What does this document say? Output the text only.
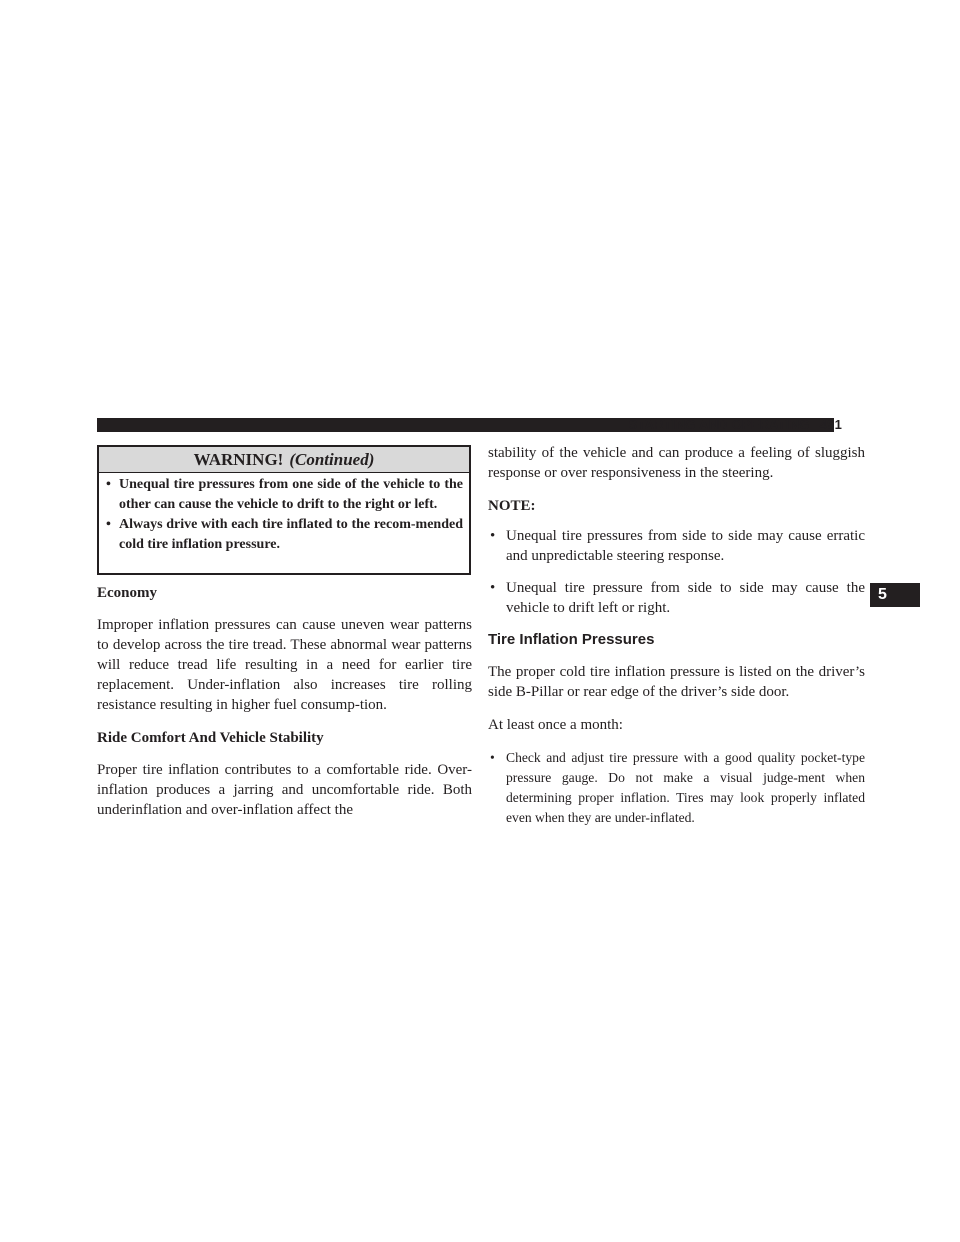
STARTING AND OPERATING 491
5
WARNING! (Continued)
• Unequal tire pressures from one side of the vehicle to the other can cause the vehicle to drift to the right or left.
• Always drive with each tire inflated to the recom-mended cold tire inflation pressure.
Economy

Improper inflation pressures can cause uneven wear patterns to develop across the tire tread. These abnormal wear patterns will reduce tread life resulting in a need for earlier tire replacement. Under-inflation also increases tire rolling resistance resulting in higher fuel consump-tion.

Ride Comfort And Vehicle Stability

Proper tire inflation contributes to a comfortable ride. Over-inflation produces a jarring and uncomfortable ride. Both underinflation and over-inflation affect the

stability of the vehicle and can produce a feeling of sluggish response or over responsiveness in the steering.

NOTE:
• Unequal tire pressures from side to side may cause erratic and unpredictable steering response.
• Unequal tire pressure from side to side may cause the vehicle to drift left or right.
Tire Inflation Pressures

The proper cold tire inflation pressure is listed on the driver’s side B-Pillar or rear edge of the driver’s side door.

At least once a month:

• Check and adjust tire pressure with a good quality pocket-type pressure gauge. Do not make a visual judge-ment when determining proper inflation. Tires may look properly inflated even when they are under-inflated.
